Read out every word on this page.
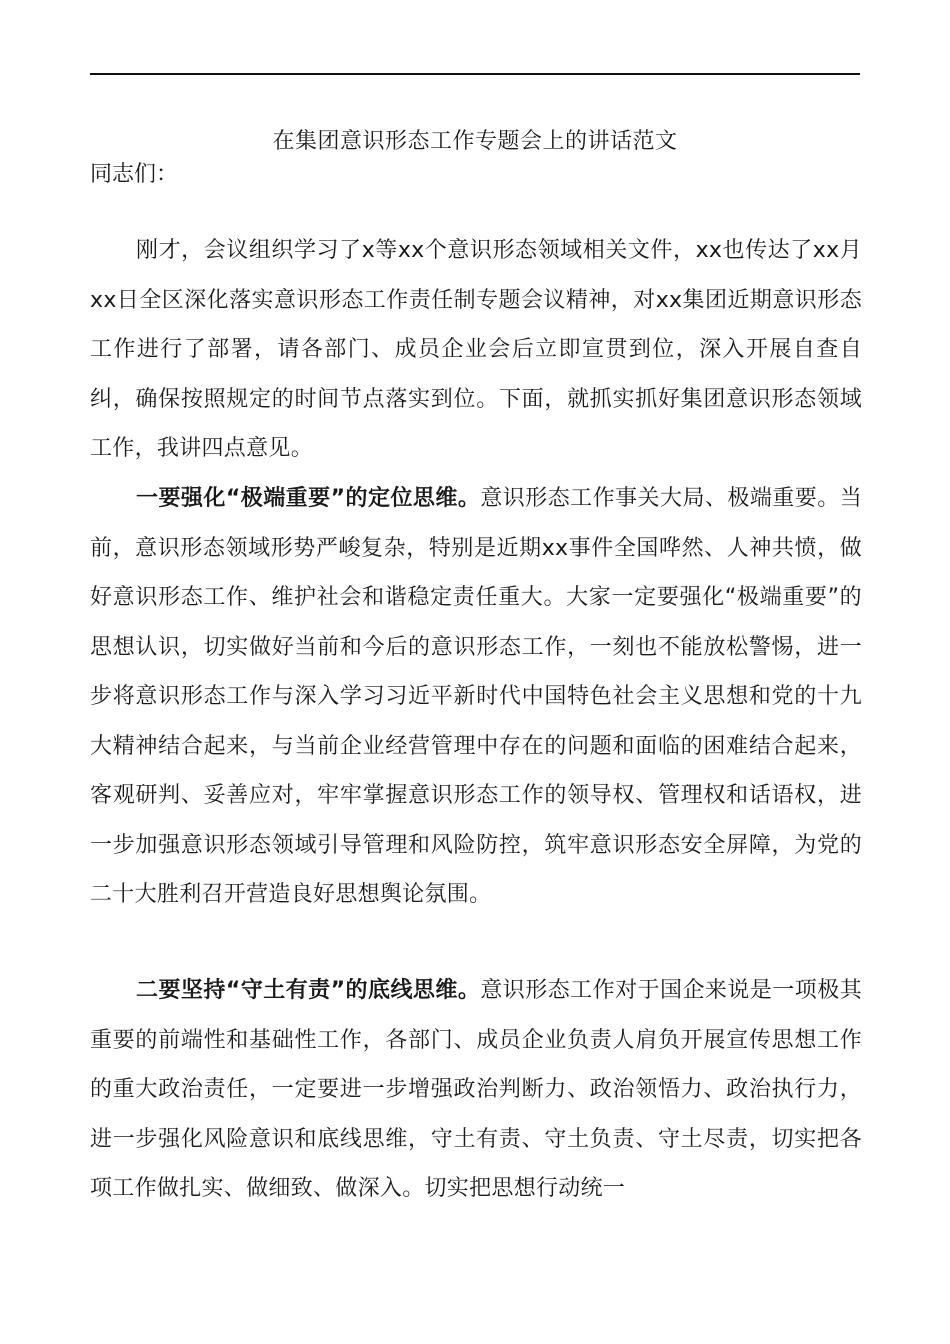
在集团意识形态工作专题会上的讲话范文
同志们：

刚才，会议组织学习了x等xx个意识形态领域相关文件，xx也传达了xx月xx日全区深化落实意识形态工作责任制专题会议精神，对xx集团近期意识形态工作进行了部署，请各部门、成员企业会后立即宣贯到位，深入开展自查自纠，确保按照规定的时间节点落实到位。下面，就抓实抓好集团意识形态领域工作，我讲四点意见。

一要强化“极端重要”的定位思维。意识形态工作事关大局、极端重要。当前，意识形态领域形势严峻复杂，特别是近期xx事件全国哗然、人神共愤，做好意识形态工作、维护社会和谐稳定责任重大。大家一定要强化“极端重要”的思想认识，切实做好当前和今后的意识形态工作，一刻也不能放松警惕，进一步将意识形态工作与深入学习习近平新时代中国特色社会主义思想和党的十九大精神结合起来，与当前企业经营管理中存在的问题和面临的困难结合起来，客观研判、妥善应对，牢牢掌握意识形态工作的领导权、管理权和话语权，进一步加强意识形态领域引导管理和风险防控，筑牢意识形态安全屏障，为党的二十大胜利召开营造良好思想舆论氛围。

二要坚持“守土有责”的底线思维。意识形态工作对于国企来说是一项极其重要的前端性和基础性工作，各部门、成员企业负责人肩负开展宣传思想工作的重大政治责任，一定要进一步增强政治判断力、政治领悟力、政治执行力，进一步强化风险意识和底线思维，守土有责、守土负责、守土尽责，切实把各项工作做扎实、做细致、做深入。切实把思想行动统一
